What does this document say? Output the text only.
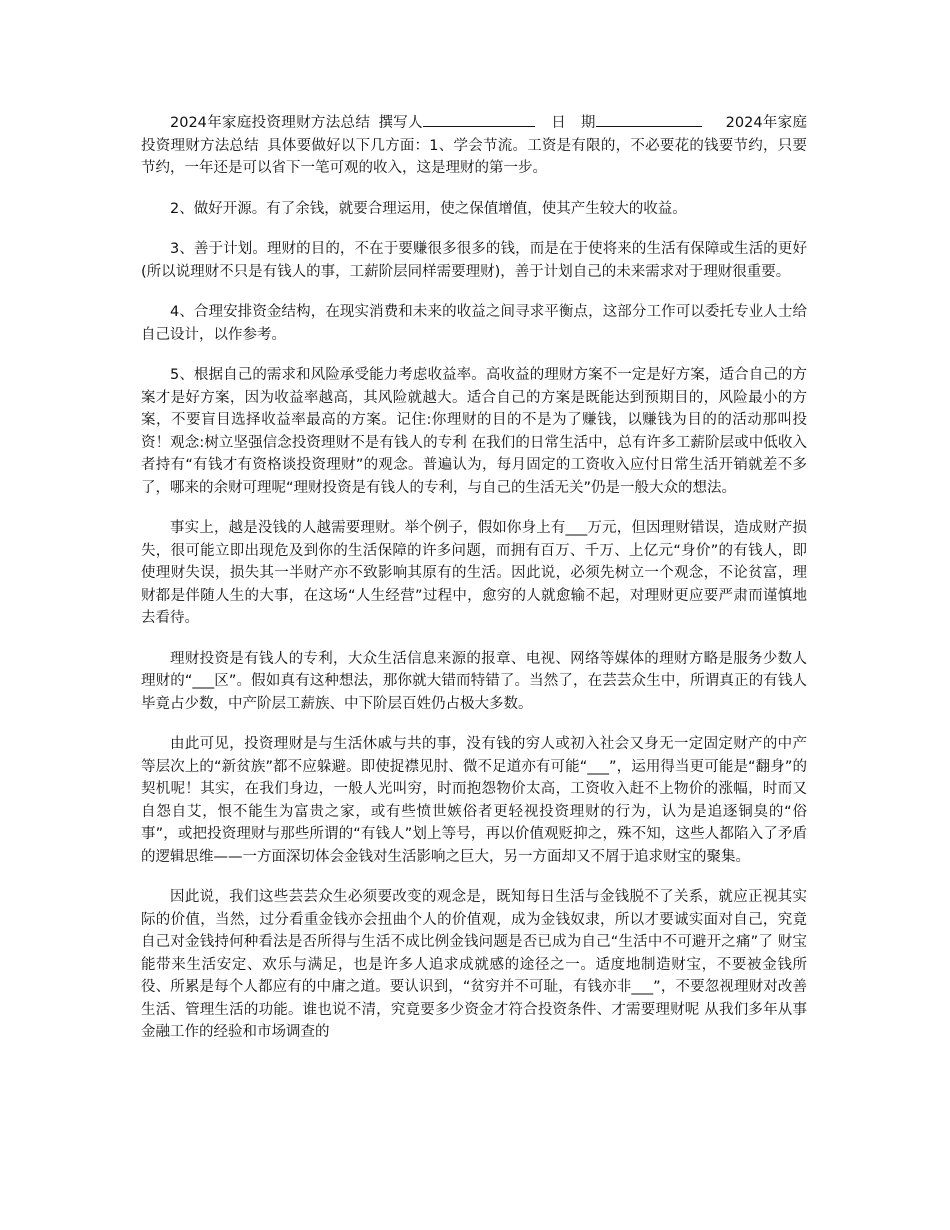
2024年家庭投资理财方法总结 撰写人	日　期	2024年家庭投资理财方法总结 具体要做好以下几方面：1、学会节流。工资是有限的，不必要花的钱要节约，只要节约，一年还是可以省下一笔可观的收入，这是理财的第一步。

2、做好开源。有了余钱，就要合理运用，使之保值增值，使其产生较大的收益。

3、善于计划。理财的目的，不在于要赚很多很多的钱，而是在于使将来的生活有保障或生活的更好(所以说理财不只是有钱人的事，工薪阶层同样需要理财)，善于计划自己的未来需求对于理财很重要。

4、合理安排资金结构，在现实消费和未来的收益之间寻求平衡点，这部分工作可以委托专业人士给自己设计，以作参考。

5、根据自己的需求和风险承受能力考虑收益率。高收益的理财方案不一定是好方案，适合自己的方案才是好方案，因为收益率越高，其风险就越大。适合自己的方案是既能达到预期目的，风险最小的方案，不要盲目选择收益率最高的方案。记住:你理财的目的不是为了赚钱，以赚钱为目的的活动那叫投资！观念:树立坚强信念投资理财不是有钱人的专利 在我们的日常生活中，总有许多工薪阶层或中低收入者持有“有钱才有资格谈投资理财”的观念。普遍认为，每月固定的工资收入应付日常生活开销就差不多了，哪来的余财可理呢“理财投资是有钱人的专利，与自己的生活无关”仍是一般大众的想法。

事实上，越是没钱的人越需要理财。举个例子，假如你身上有___万元，但因理财错误，造成财产损失，很可能立即出现危及到你的生活保障的许多问题，而拥有百万、千万、上亿元“身价”的有钱人，即使理财失误，损失其一半财产亦不致影响其原有的生活。因此说，必须先树立一个观念，不论贫富，理财都是伴随人生的大事，在这场“人生经营”过程中，愈穷的人就愈输不起，对理财更应要严肃而谨慎地去看待。

理财投资是有钱人的专利，大众生活信息来源的报章、电视、网络等媒体的理财方略是服务少数人理财的“___区”。假如真有这种想法，那你就大错而特错了。当然了，在芸芸众生中，所谓真正的有钱人毕竟占少数，中产阶层工薪族、中下阶层百姓仍占极大多数。

由此可见，投资理财是与生活休戚与共的事，没有钱的穷人或初入社会又身无一定固定财产的中产等层次上的“新贫族”都不应躲避。即使捉襟见肘、微不足道亦有可能“___”，运用得当更可能是“翻身”的契机呢！其实，在我们身边，一般人光叫穷，时而抱怨物价太高，工资收入赶不上物价的涨幅，时而又自怨自艾，恨不能生为富贵之家，或有些愤世嫉俗者更轻视投资理财的行为，认为是追逐铜臭的“俗事”，或把投资理财与那些所谓的“有钱人”划上等号，再以价值观贬抑之，殊不知，这些人都陷入了矛盾的逻辑思维——一方面深切体会金钱对生活影响之巨大，另一方面却又不屑于追求财宝的聚集。

因此说，我们这些芸芸众生必须要改变的观念是，既知每日生活与金钱脱不了关系，就应正视其实际的价值，当然，过分看重金钱亦会扭曲个人的价值观，成为金钱奴隶，所以才要诚实面对自己，究竟自己对金钱持何种看法是否所得与生活不成比例金钱问题是否已成为自己“生活中不可避开之痛”了 财宝能带来生活安定、欢乐与满足，也是许多人追求成就感的途径之一。适度地制造财宝，不要被金钱所役、所累是每个人都应有的中庸之道。要认识到，“贫穷并不可耻，有钱亦非___”，不要忽视理财对改善生活、管理生活的功能。谁也说不清，究竟要多少资金才符合投资条件、才需要理财呢 从我们多年从事金融工作的经验和市场调查的
